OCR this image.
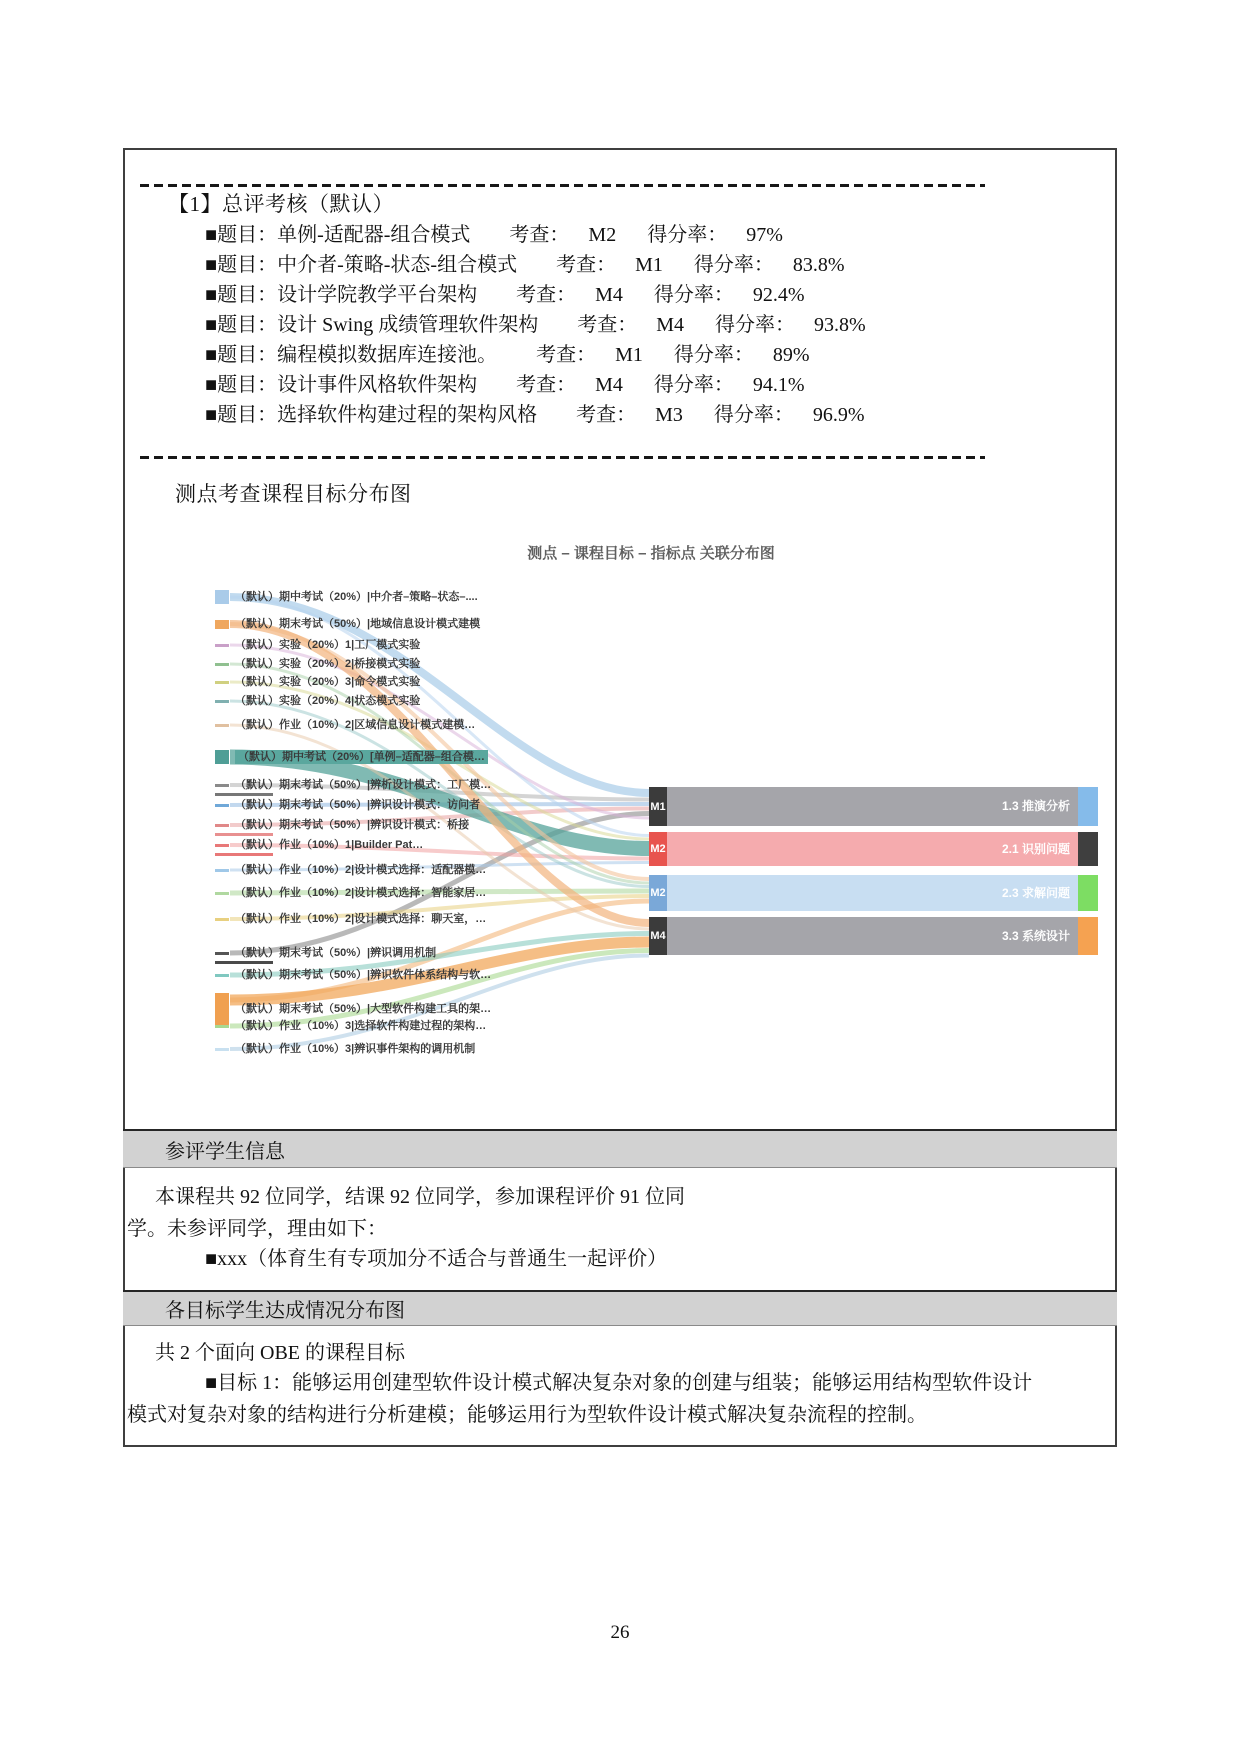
【1】总评考核（默认）
■题目：单例-适配器-组合模式 考查： M2 得分率： 97%
■题目：中介者-策略-状态-组合模式 考查： M1 得分率： 83.8%
■题目：设计学院教学平台架构 考查： M4 得分率： 92.4%
■题目：设计 Swing 成绩管理软件架构 考查： M4 得分率： 93.8%
■题目：编程模拟数据库连接池。 考查： M1 得分率： 89%
■题目：设计事件风格软件架构 考查： M4 得分率： 94.1%
■题目：选择软件构建过程的架构风格 考查： M3 得分率： 96.9%
测点考查课程目标分布图
测点 – 课程目标 – 指标点 关联分布图
（默认）期中考试（20%）|中介者–策略–状态–....
（默认）期末考试（50%）|地域信息设计模式建模
（默认）实验（20%）1|工厂模式实验
（默认）实验（20%）2|桥接模式实验
（默认）实验（20%）3|命令模式实验
（默认）实验（20%）4|状态模式实验
（默认）作业（10%）2|区域信息设计模式建模…
（默认）期中考试（20%）[单例–适配器–组合模…
（默认）期末考试（50%）|辨析设计模式：工厂模…
（默认）期末考试（50%）|辨识设计模式：访问者
（默认）期末考试（50%）|辨识设计模式：桥接
（默认）作业（10%）1|Builder Pat…
（默认）作业（10%）2|设计模式选择：适配器模…
（默认）作业（10%）2|设计模式选择：智能家居…
（默认）作业（10%）2|设计模式选择：聊天室，…
（默认）期末考试（50%）|辨识调用机制
（默认）期末考试（50%）|辨识软件体系结构与软…
（默认）期末考试（50%）|大型软件构建工具的架…
（默认）作业（10%）3|选择软件构建过程的架构…
（默认）作业（10%）3|辨识事件架构的调用机制
M1	1.3 推演分析
M2	2.1 识别问题
M2	2.3 求解问题
M4	3.3 系统设计
参评学生信息
本课程共 92 位同学，结课 92 位同学，参加课程评价 91 位同
学。未参评同学，理由如下：
■xxx（体育生有专项加分不适合与普通生一起评价）
各目标学生达成情况分布图
共 2 个面向 OBE 的课程目标
■目标 1：能够运用创建型软件设计模式解决复杂对象的创建与组装；能够运用结构型软件设计
模式对复杂对象的结构进行分析建模；能够运用行为型软件设计模式解决复杂流程的控制。
26
